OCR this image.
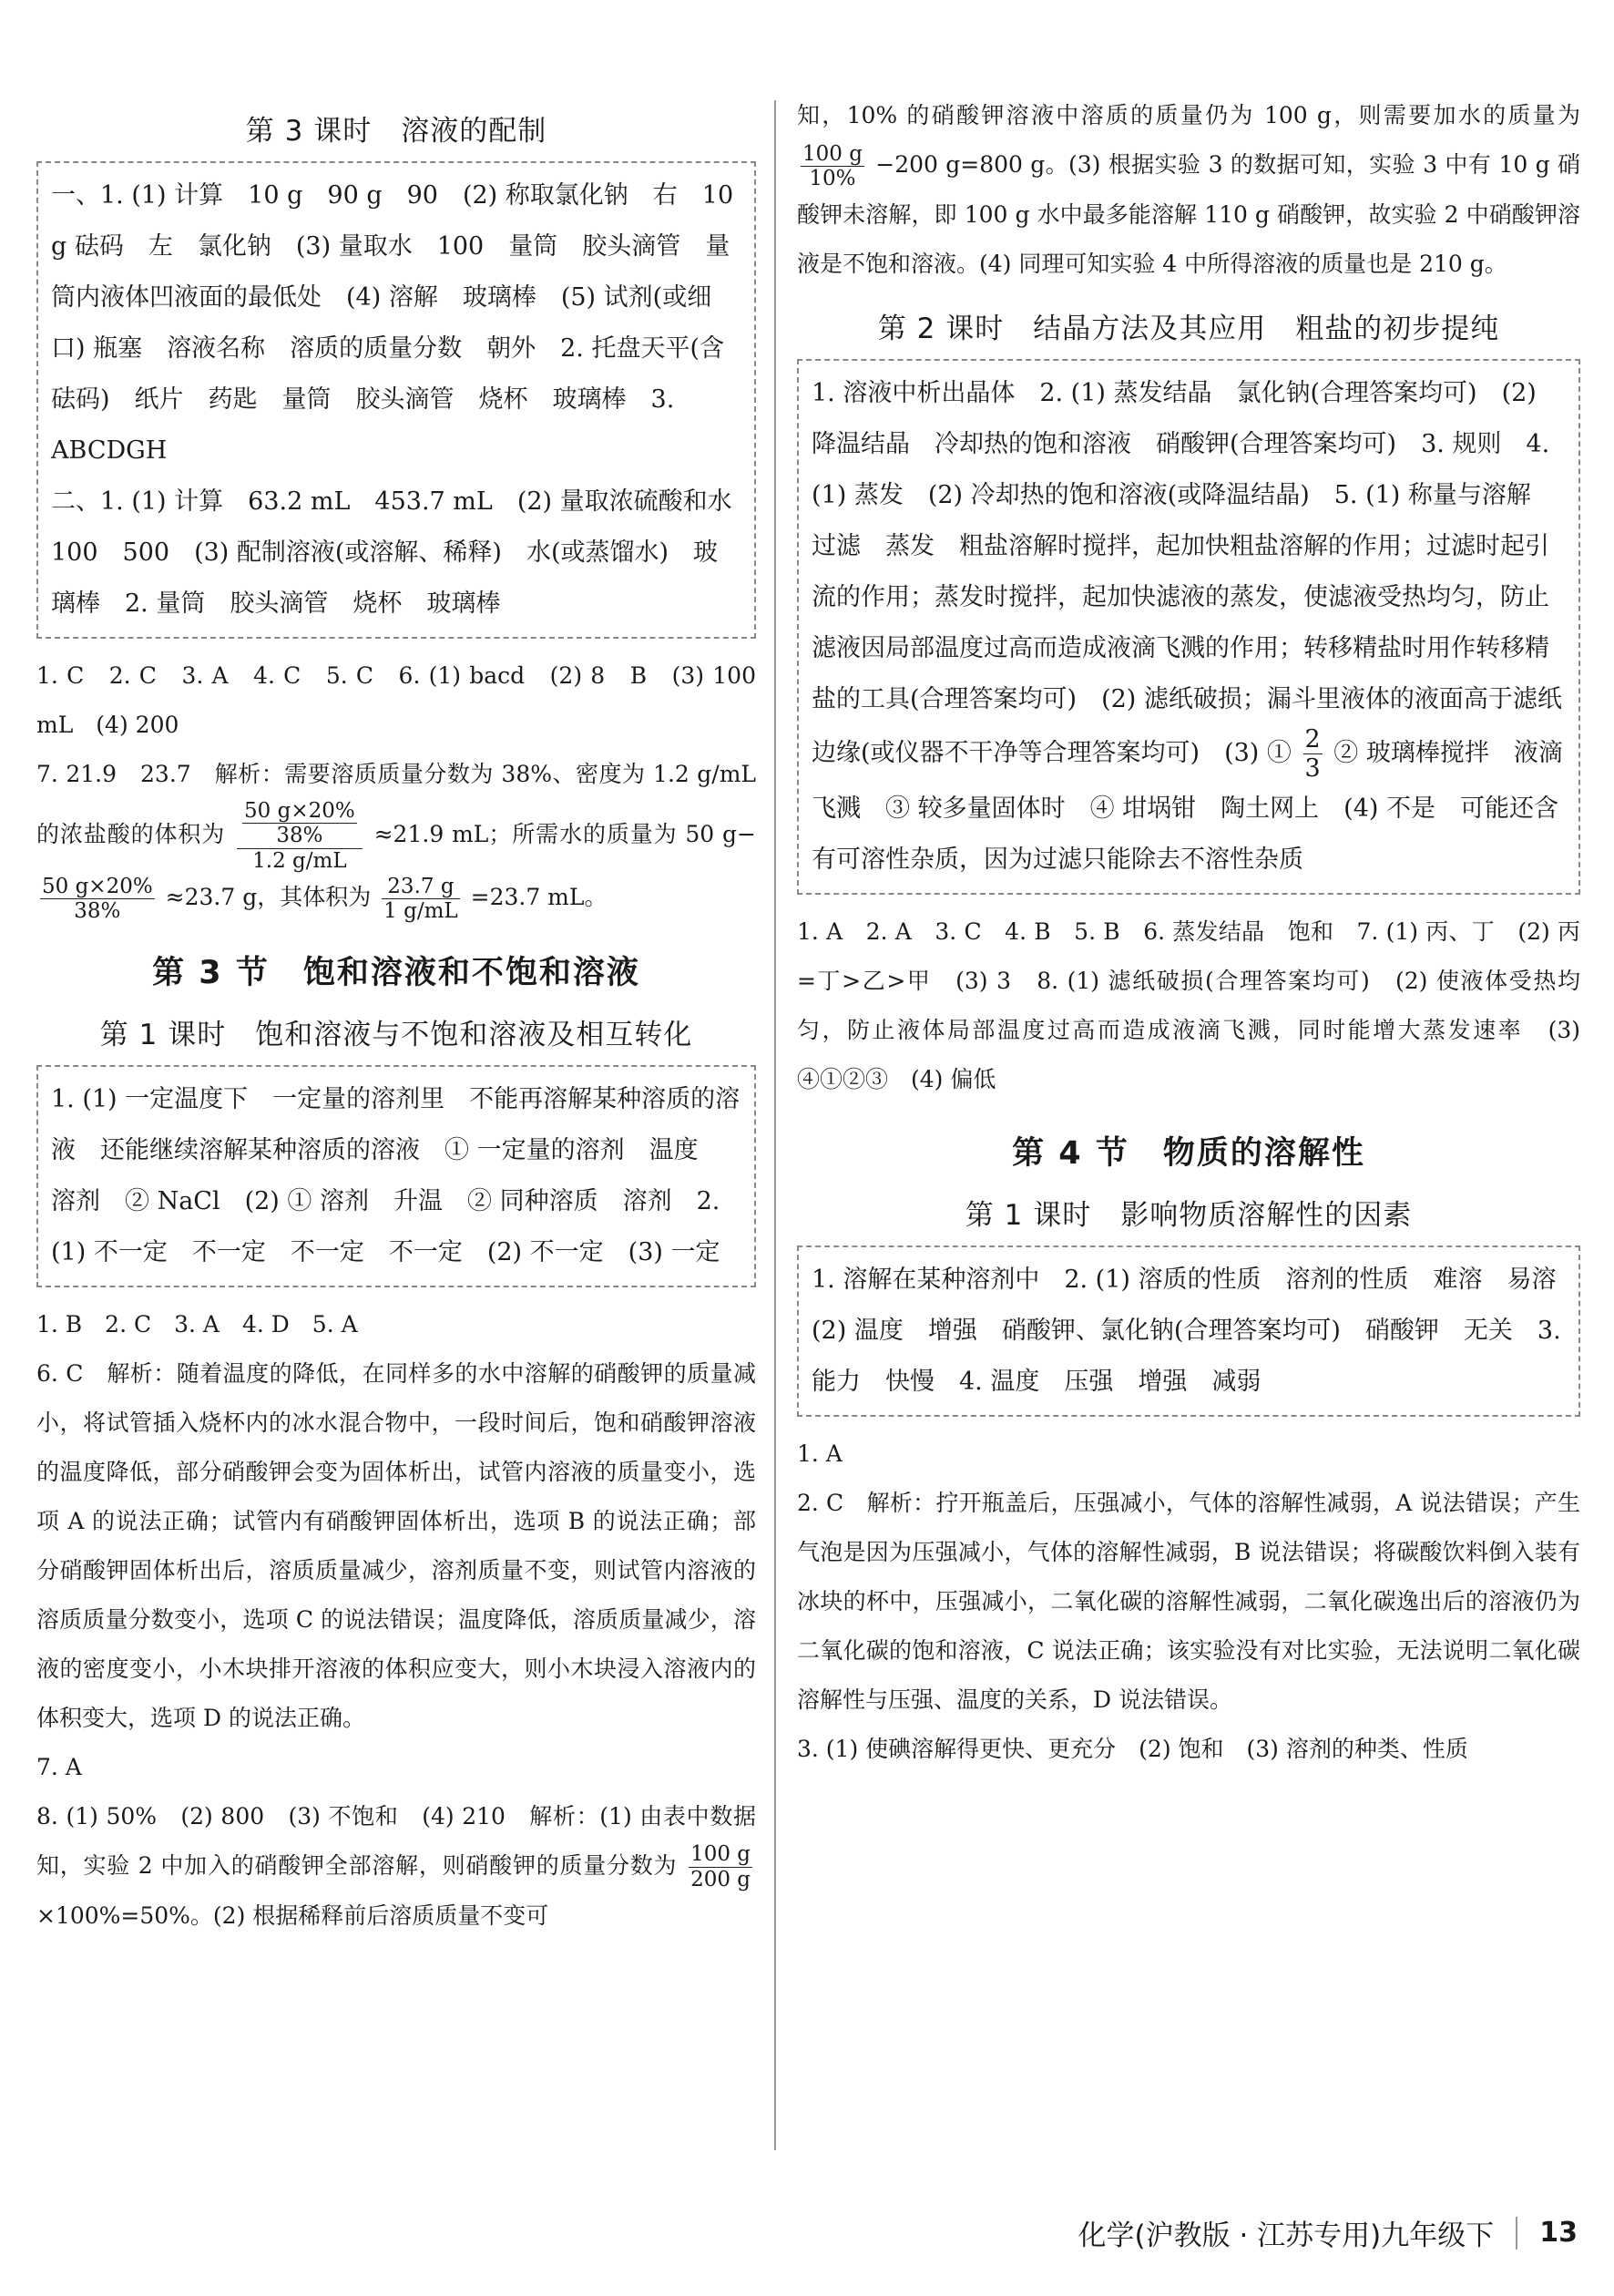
第 3 课时　溶液的配制

一、1. (1) 计算　10 g　90 g　90　(2) 称取氯化钠　右　10 g 砝码　左　氯化钠　(3) 量取水　100　量筒　胶头滴管　量筒内液体凹液面的最低处　(4) 溶解　玻璃棒　(5) 试剂(或细口) 瓶塞　溶液名称　溶质的质量分数　朝外　2. 托盘天平(含砝码)　纸片　药匙　量筒　胶头滴管　烧杯　玻璃棒　3. ABCDGH

二、1. (1) 计算　63.2 mL　453.7 mL　(2) 量取浓硫酸和水　100　500　(3) 配制溶液(或溶解、稀释)　水(或蒸馏水)　玻璃棒　2. 量筒　胶头滴管　烧杯　玻璃棒

1. C　2. C　3. A　4. C　5. C　6. (1) bacd　(2) 8　B　(3) 100 mL　(4) 200

7. 21.9　23.7　解析：需要溶质质量分数为 38%、密度为 1.2 g/mL 的浓盐酸的体积为 $\frac{\frac{50 g\times 20\%}{38\%}}{1.2 g/mL} \approx 21.9$ mL；所需水的质量为 50 g−
$\frac{50 g\times 20\%}{38\%} \approx 23.7$ g，其体积为 $\frac{23.7 g}{1 g/mL} =23.7$ mL。

第 3 节　饱和溶液和不饱和溶液
第 1 课时　饱和溶液与不饱和溶液及相互转化

1. (1) 一定温度下　一定量的溶剂里　不能再溶解某种溶质的溶液　还能继续溶解某种溶质的溶液　① 一定量的溶剂　温度　溶剂　② NaCl　(2) ① 溶剂　升温　② 同种溶质　溶剂　2. (1) 不一定　不一定　不一定　不一定　(2) 不一定　(3) 一定

1. B　2. C　3. A　4. D　5. A

6. C　解析：随着温度的降低，在同样多的水中溶解的硝酸钾的质量减小，将试管插入烧杯内的冰水混合物中，一段时间后，饱和硝酸钾溶液的温度降低，部分硝酸钾会变为固体析出，试管内溶液的质量变小，选项 A 的说法正确；试管内有硝酸钾固体析出，选项 B 的说法正确；部分硝酸钾固体析出后，溶质质量减少，溶剂质量不变，则试管内溶液的溶质质量分数变小，选项 C 的说法错误；温度降低，溶质质量减少，溶液的密度变小，小木块排开溶液的体积应变大，则小木块浸入溶液内的体积变大，选项 D 的说法正确。

7. A

8. (1) 50%　(2) 800　(3) 不饱和　(4) 210　解析：(1) 由表中数据知，实验 2 中加入的硝酸钾全部溶解，则硝酸钾的质量分数为 $\frac{100 g}{200 g}$
×100%=50%。(2) 根据稀释前后溶质质量不变可

知，10% 的硝酸钾溶液中溶质的质量仍为 100 g，则需要加水的质量为
$\frac{100 g}{10\%} -200$ g=800 g。(3) 根据实验 3 的数据可知，实验 3 中有 10 g 硝酸钾未溶解，即 100 g 水中最多能溶解 110 g 硝酸钾，故实验 2 中硝酸钾溶液是不饱和溶液。(4) 同理可知实验 4 中所得溶液的质量也是 210 g。

第 2 课时　结晶方法及其应用　粗盐的初步提纯

1. 溶液中析出晶体　2. (1) 蒸发结晶　氯化钠(合理答案均可)　(2) 降温结晶　冷却热的饱和溶液　硝酸钾(合理答案均可)　3. 规则　4. (1) 蒸发　(2) 冷却热的饱和溶液(或降温结晶)　5. (1) 称量与溶解　过滤　蒸发　粗盐溶解时搅拌，起加快粗盐溶解的作用；过滤时起引流的作用；蒸发时搅拌，起加快滤液的蒸发，使滤液受热均匀，防止滤液因局部温度过高而造成液滴飞溅的作用；转移精盐时用作转移精盐的工具(合理答案均可)　(2) 滤纸破损；漏斗里液体的液面高于滤纸边缘(或仪器不干净等合理答案均可)　(3) ① $\frac{2}{3}$ ② 玻璃棒搅拌　液滴飞溅　③ 较多量固体时　④ 坩埚钳　陶土网上　(4) 不是　可能还含有可溶性杂质，因为过滤只能除去不溶性杂质

1. A　2. A　3. C　4. B　5. B　6. 蒸发结晶　饱和　7. (1) 丙、丁　(2) 丙=丁>乙>甲　(3) 3　8. (1) 滤纸破损(合理答案均可)　(2) 使液体受热均匀，防止液体局部温度过高而造成液滴飞溅，同时能增大蒸发速率　(3) ④①②③　(4) 偏低

第 4 节　物质的溶解性
第 1 课时　影响物质溶解性的因素

1. 溶解在某种溶剂中　2. (1) 溶质的性质　溶剂的性质　难溶　易溶　(2) 温度　增强　硝酸钾、氯化钠(合理答案均可)　硝酸钾　无关　3. 能力　快慢　4. 温度　压强　增强　减弱

1. A

2. C　解析：拧开瓶盖后，压强减小，气体的溶解性减弱，A 说法错误；产生气泡是因为压强减小，气体的溶解性减弱，B 说法错误；将碳酸饮料倒入装有冰块的杯中，压强减小，二氧化碳的溶解性减弱，二氧化碳逸出后的溶液仍为二氧化碳的饱和溶液，C 说法正确；该实验没有对比实验，无法说明二氧化碳溶解性与压强、温度的关系，D 说法错误。

3. (1) 使碘溶解得更快、更充分　(2) 饱和　(3) 溶剂的种类、性质

化学(沪教版 · 江苏专用)九年级下 13
